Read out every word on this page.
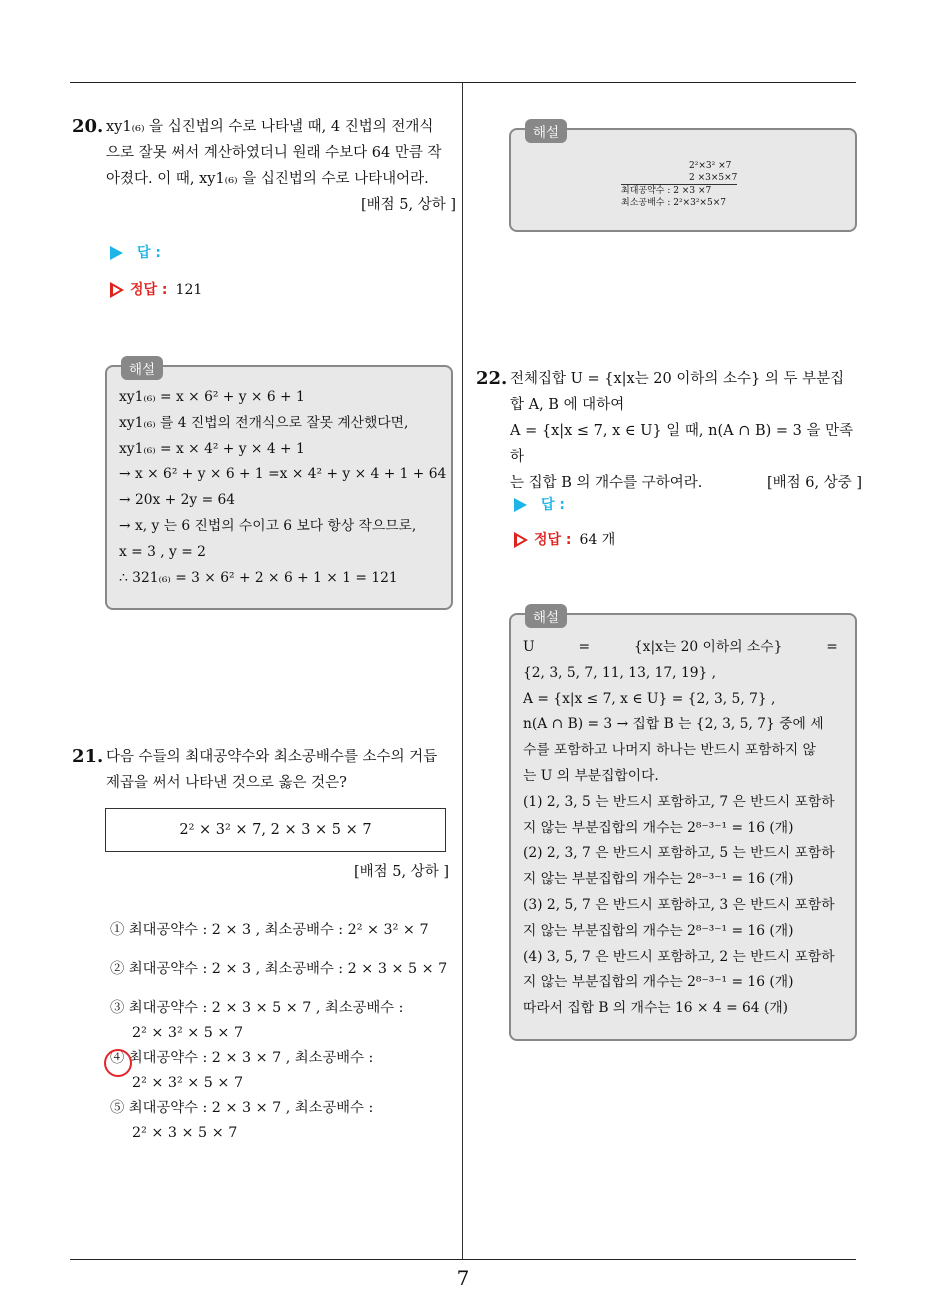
20. xy1₍₆₎ 을 십진법의 수로 나타낼 때, 4 진법의 전개식
으로 잘못 써서 계산하였더니 원래 수보다 64 만큼 작
아졌다. 이 때, xy1₍₆₎ 을 십진법의 수로 나타내어라.
[배점 5, 상하 ]
답 :
정답 : 121
해설
xy1₍₆₎ = x × 6² + y × 6 + 1
xy1₍₆₎ 를 4 진법의 전개식으로 잘못 계산했다면,
xy1₍₆₎ = x × 4² + y × 4 + 1
→ x × 6² + y × 6 + 1 =x × 4² + y × 4 + 1 + 64
→ 20x + 2y = 64
→ x, y 는 6 진법의 수이고 6 보다 항상 작으므로,
x = 3 , y = 2
∴ 321₍₆₎ = 3 × 6² + 2 × 6 + 1 × 1 = 121
21. 다음 수들의 최대공약수와 최소공배수를 소수의 거듭
제곱을 써서 나타낸 것으로 옳은 것은?
2² × 3² × 7, 2 × 3 × 5 × 7
[배점 5, 상하 ]
① 최대공약수 : 2 × 3 , 최소공배수 : 2² × 3² × 7
② 최대공약수 : 2 × 3 , 최소공배수 : 2 × 3 × 5 × 7
③ 최대공약수 : 2 × 3 × 5 × 7 , 최소공배수 :
2² × 3² × 5 × 7
④ 최대공약수 : 2 × 3 × 7 , 최소공배수 :
2² × 3² × 5 × 7
⑤ 최대공약수 : 2 × 3 × 7 , 최소공배수 :
2² × 3 × 5 × 7
해설
2²×3² ×7
2 ×3×5×7
최대공약수 : 2 ×3 ×7
최소공배수 : 2²×3²×5×7
22. 전체집합 U = {x|x는 20 이하의 소수} 의 두 부분집
합 A, B 에 대하여
A = {x|x ≤ 7, x ∈ U} 일 때, n(A ∩ B) = 3 을 만족하
는 집합 B 의 개수를 구하여라.	[배점 6, 상중 ]
답 :
정답 : 64 개
해설
U          =          {x|x는 20 이하의 소수}          =
{2, 3, 5, 7, 11, 13, 17, 19} ,
A = {x|x ≤ 7, x ∈ U} = {2, 3, 5, 7} ,
n(A ∩ B) = 3 → 집합 B 는 {2, 3, 5, 7} 중에 세
수를 포함하고 나머지 하나는 반드시 포함하지 않
는 U 의 부분집합이다.
(1) 2, 3, 5 는 반드시 포함하고, 7 은 반드시 포함하
지 않는 부분집합의 개수는 2⁸⁻³⁻¹ = 16 (개)
(2) 2, 3, 7 은 반드시 포함하고, 5 는 반드시 포함하
지 않는 부분집합의 개수는 2⁸⁻³⁻¹ = 16 (개)
(3) 2, 5, 7 은 반드시 포함하고, 3 은 반드시 포함하
지 않는 부분집합의 개수는 2⁸⁻³⁻¹ = 16 (개)
(4) 3, 5, 7 은 반드시 포함하고, 2 는 반드시 포함하
지 않는 부분집합의 개수는 2⁸⁻³⁻¹ = 16 (개)
따라서 집합 B 의 개수는 16 × 4 = 64 (개)
7
